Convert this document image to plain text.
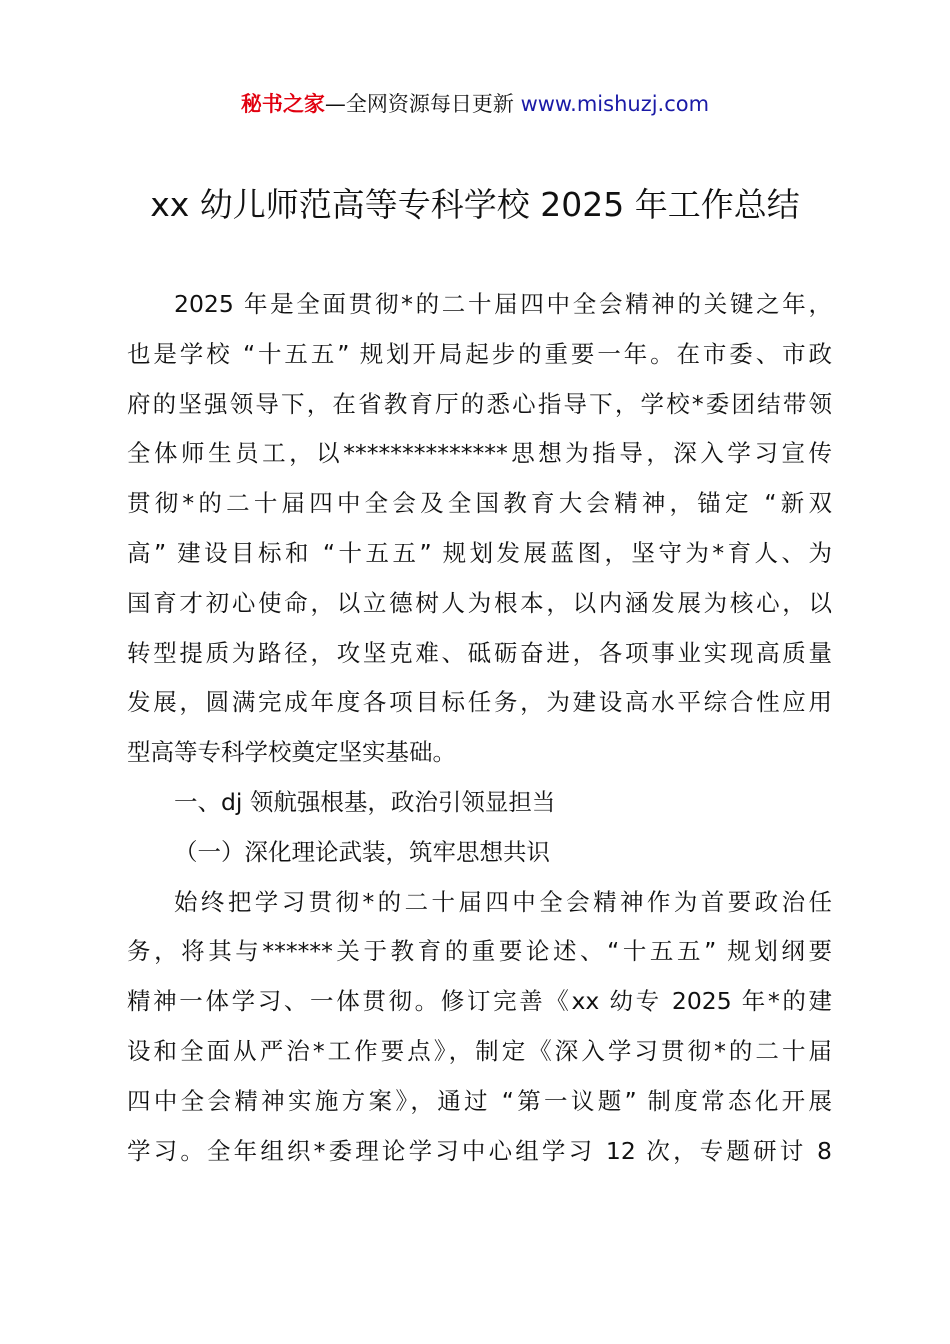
秘书之家—全网资源每日更新 www.mishuzj.com
xx 幼儿师范高等专科学校 2025 年工作总结

2025 年是全面贯彻*的二十届四中全会精神的关键之年，
也是学校 “十五五” 规划开局起步的重要一年。在市委、市政
府的坚强领导下，在省教育厅的悉心指导下，学校*委团结带领
全体师生员工，以**************思想为指导，深入学习宣传
贯彻*的二十届四中全会及全国教育大会精神，锚定 “新双
高” 建设目标和 “十五五” 规划发展蓝图，坚守为*育人、为
国育才初心使命，以立德树人为根本，以内涵发展为核心，以
转型提质为路径，攻坚克难、砥砺奋进，各项事业实现高质量
发展，圆满完成年度各项目标任务，为建设高水平综合性应用
型高等专科学校奠定坚实基础。

一、dj 领航强根基，政治引领显担当

（一）深化理论武装，筑牢思想共识

始终把学习贯彻*的二十届四中全会精神作为首要政治任
务，将其与******关于教育的重要论述、“十五五” 规划纲要
精神一体学习、一体贯彻。修订完善《xx 幼专 2025 年*的建
设和全面从严治*工作要点》，制定《深入学习贯彻*的二十届
四中全会精神实施方案》，通过 “第一议题” 制度常态化开展
学习。全年组织*委理论学习中心组学习 12 次，专题研讨 8
